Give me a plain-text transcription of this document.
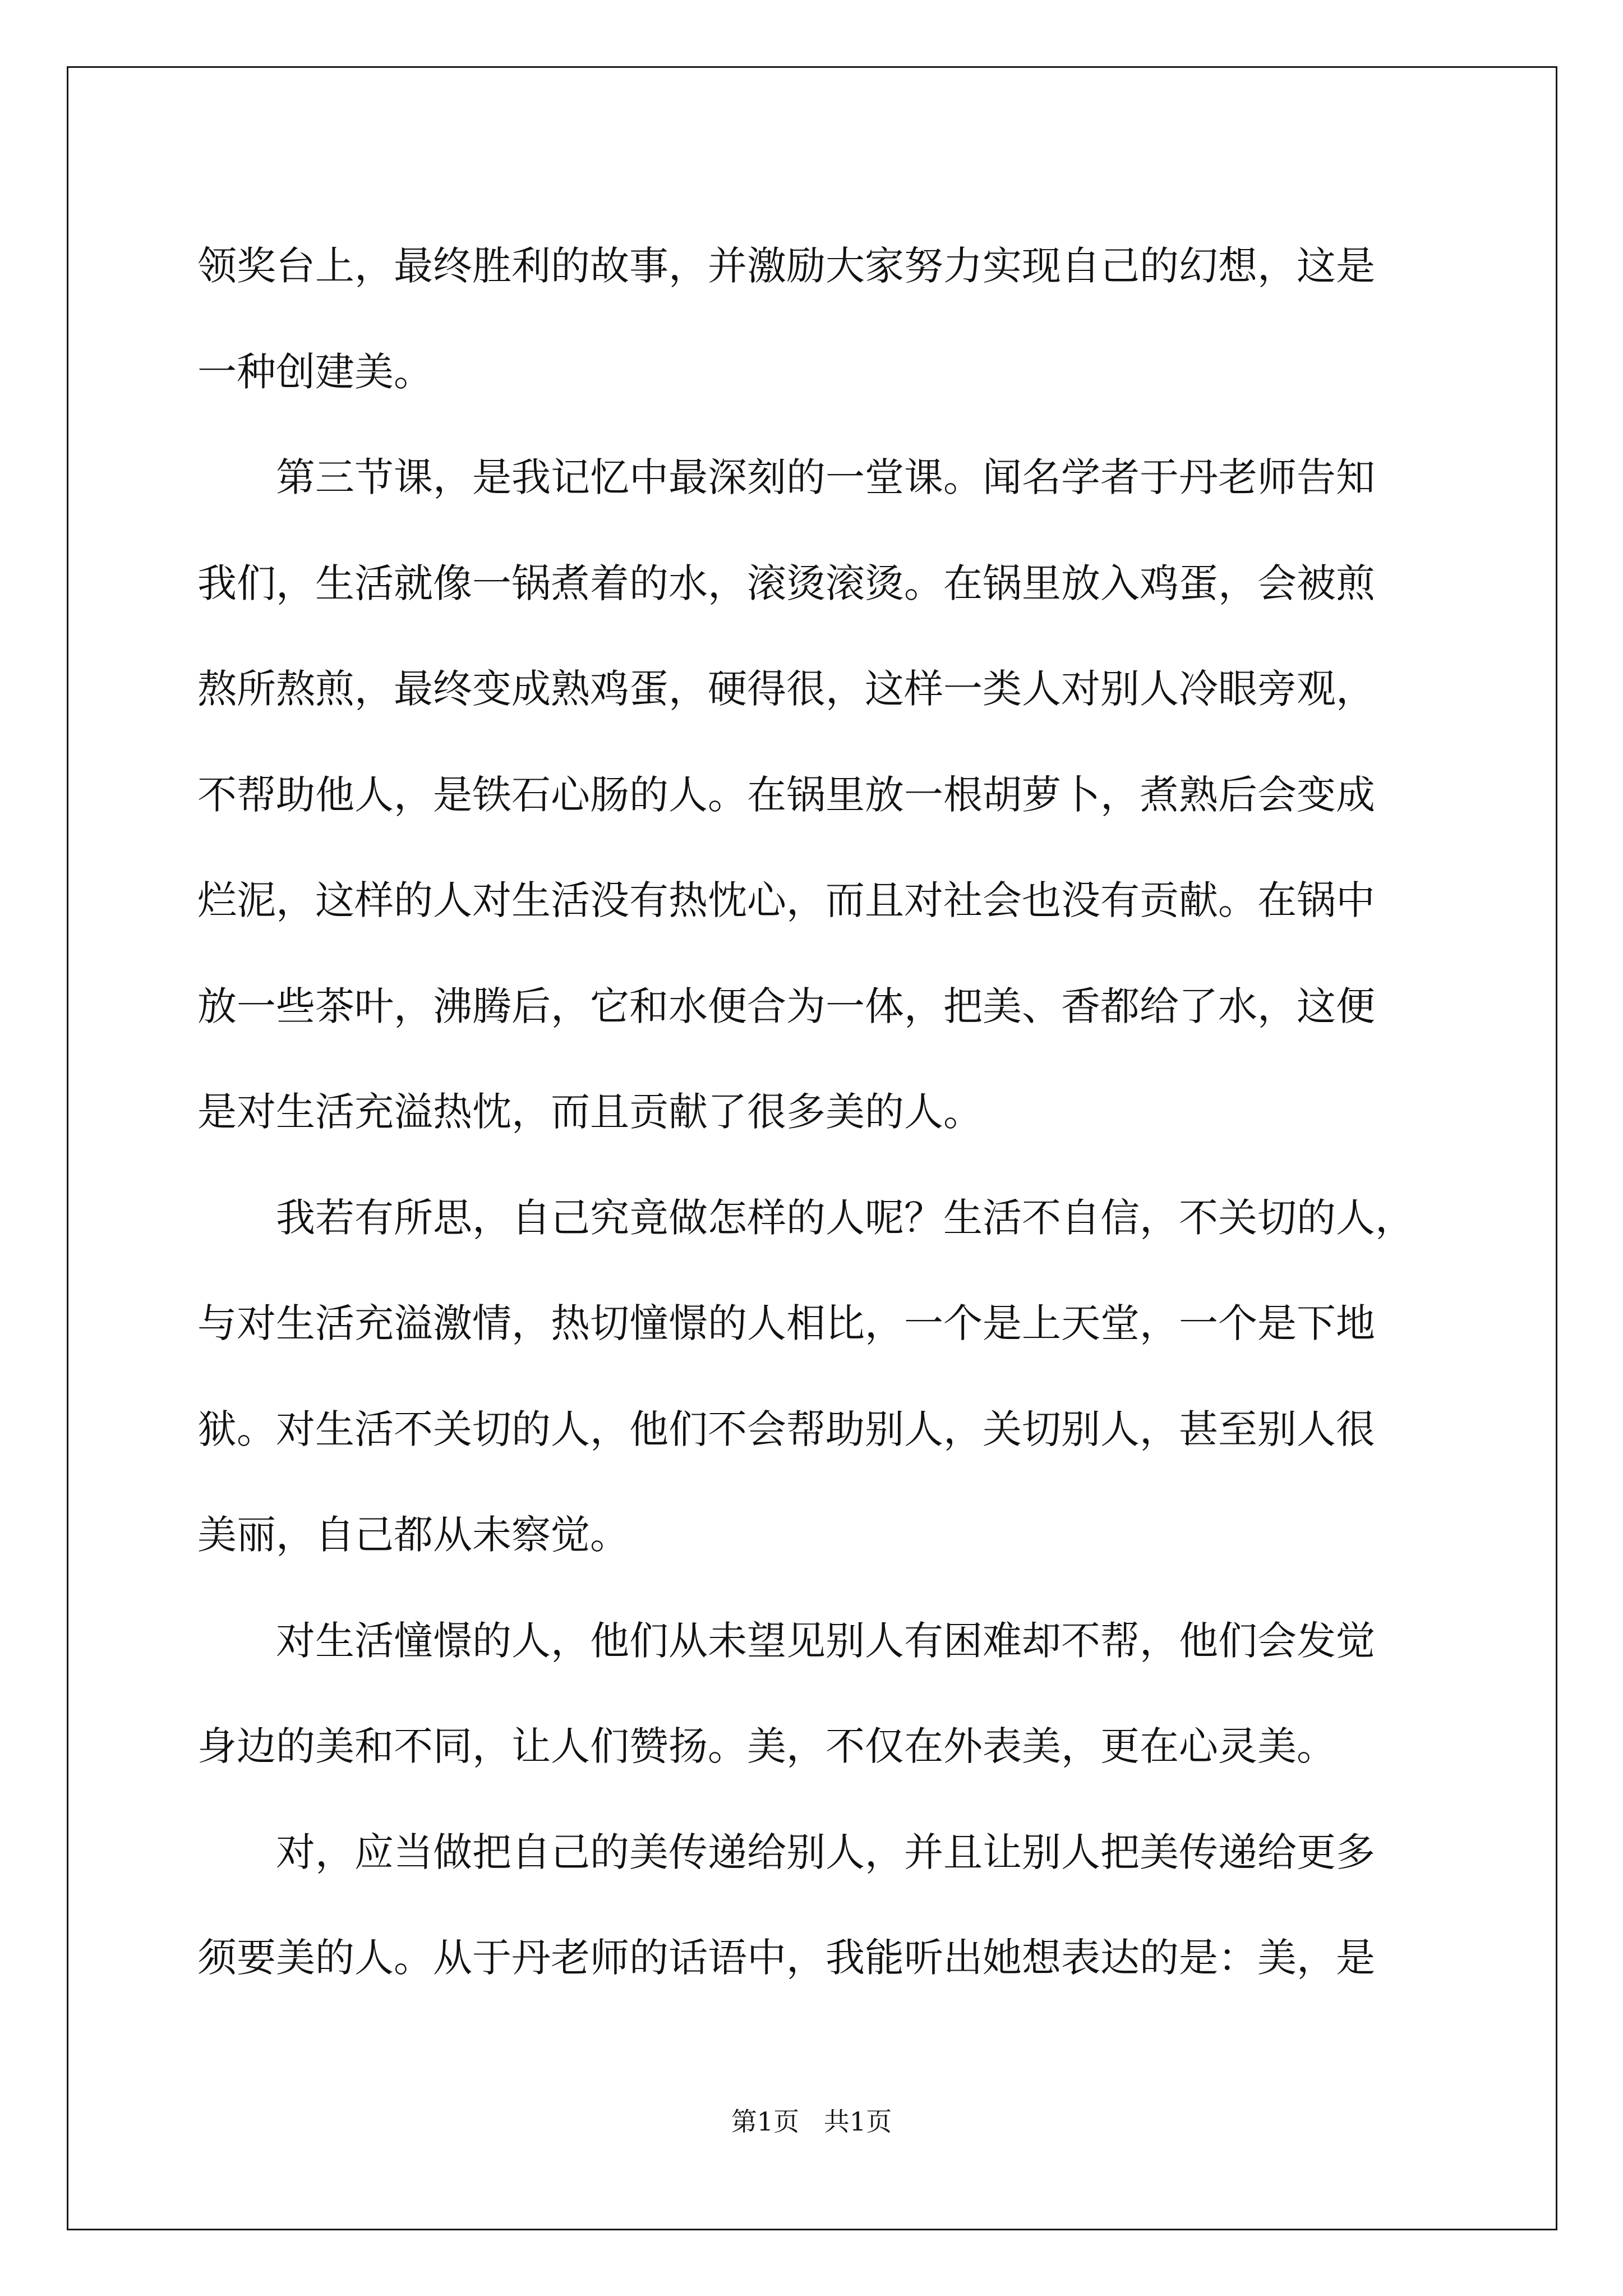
领奖台上，最终胜利的故事，并激励大家努力实现自己的幻想，这是

一种创建美。

第三节课，是我记忆中最深刻的一堂课。闻名学者于丹老师告知

我们，生活就像一锅煮着的水，滚烫滚烫。在锅里放入鸡蛋，会被煎

熬所熬煎，最终变成熟鸡蛋，硬得很，这样一类人对别人冷眼旁观，

不帮助他人，是铁石心肠的人。在锅里放一根胡萝卜，煮熟后会变成

烂泥，这样的人对生活没有热忱心，而且对社会也没有贡献。在锅中

放一些茶叶，沸腾后，它和水便合为一体，把美、香都给了水，这便

是对生活充溢热忱，而且贡献了很多美的人。

我若有所思，自己究竟做怎样的人呢？生活不自信，不关切的人，

与对生活充溢激情，热切憧憬的人相比，一个是上天堂，一个是下地

狱。对生活不关切的人，他们不会帮助别人，关切别人，甚至别人很

美丽，自己都从未察觉。

对生活憧憬的人，他们从未望见别人有困难却不帮，他们会发觉

身边的美和不同，让人们赞扬。美，不仅在外表美，更在心灵美。

对，应当做把自己的美传递给别人，并且让别人把美传递给更多

须要美的人。从于丹老师的话语中，我能听出她想表达的是：美，是

第1页   共1页
